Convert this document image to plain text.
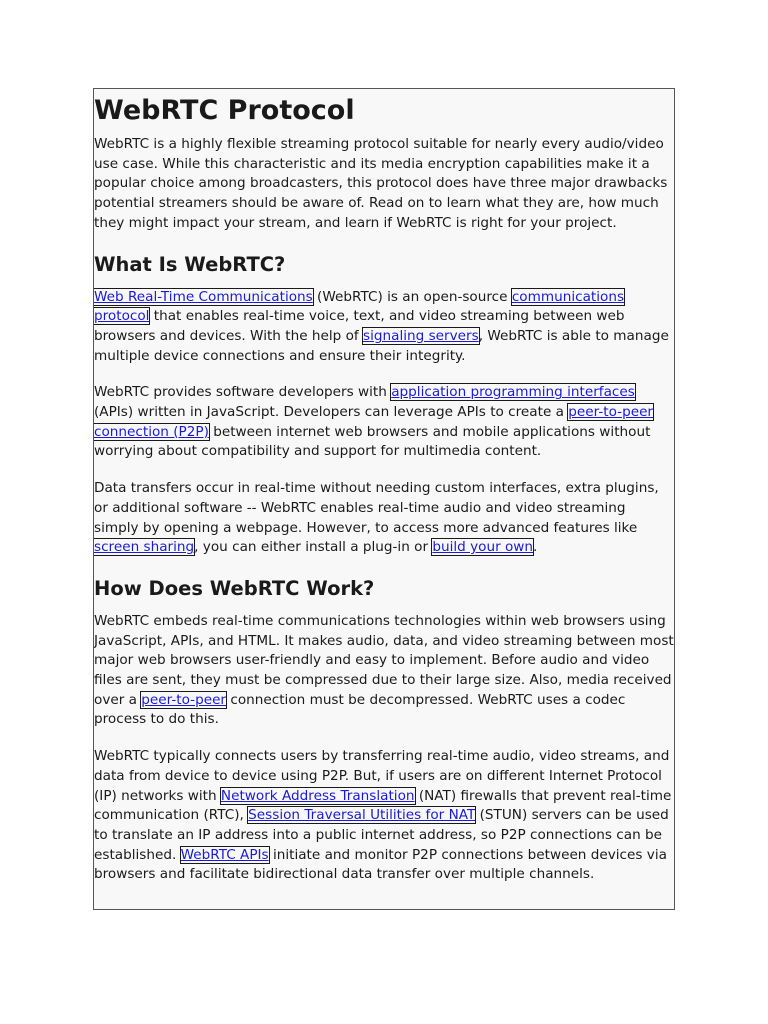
WebRTC Protocol

WebRTC is a highly flexible streaming protocol suitable for nearly every audio/video use case. While this characteristic and its media encryption capabilities make it a popular choice among broadcasters, this protocol does have three major drawbacks potential streamers should be aware of. Read on to learn what they are, how much they might impact your stream, and learn if WebRTC is right for your project.

What Is WebRTC?

Web Real-Time Communications (WebRTC) is an open-source communications protocol that enables real-time voice, text, and video streaming between web browsers and devices. With the help of signaling servers, WebRTC is able to manage multiple device connections and ensure their integrity.

WebRTC provides software developers with application programming interfaces (APIs) written in JavaScript. Developers can leverage APIs to create a peer-to-peer connection (P2P) between internet web browsers and mobile applications without worrying about compatibility and support for multimedia content.

Data transfers occur in real-time without needing custom interfaces, extra plugins, or additional software -- WebRTC enables real-time audio and video streaming simply by opening a webpage. However, to access more advanced features like screen sharing, you can either install a plug-in or build your own.

How Does WebRTC Work?

WebRTC embeds real-time communications technologies within web browsers using JavaScript, APIs, and HTML. It makes audio, data, and video streaming between most major web browsers user-friendly and easy to implement. Before audio and video files are sent, they must be compressed due to their large size. Also, media received over a peer-to-peer connection must be decompressed. WebRTC uses a codec process to do this.

WebRTC typically connects users by transferring real-time audio, video streams, and data from device to device using P2P. But, if users are on different Internet Protocol (IP) networks with Network Address Translation (NAT) firewalls that prevent real-time communication (RTC), Session Traversal Utilities for NAT (STUN) servers can be used to translate an IP address into a public internet address, so P2P connections can be established. WebRTC APIs initiate and monitor P2P connections between devices via browsers and facilitate bidirectional data transfer over multiple channels.
